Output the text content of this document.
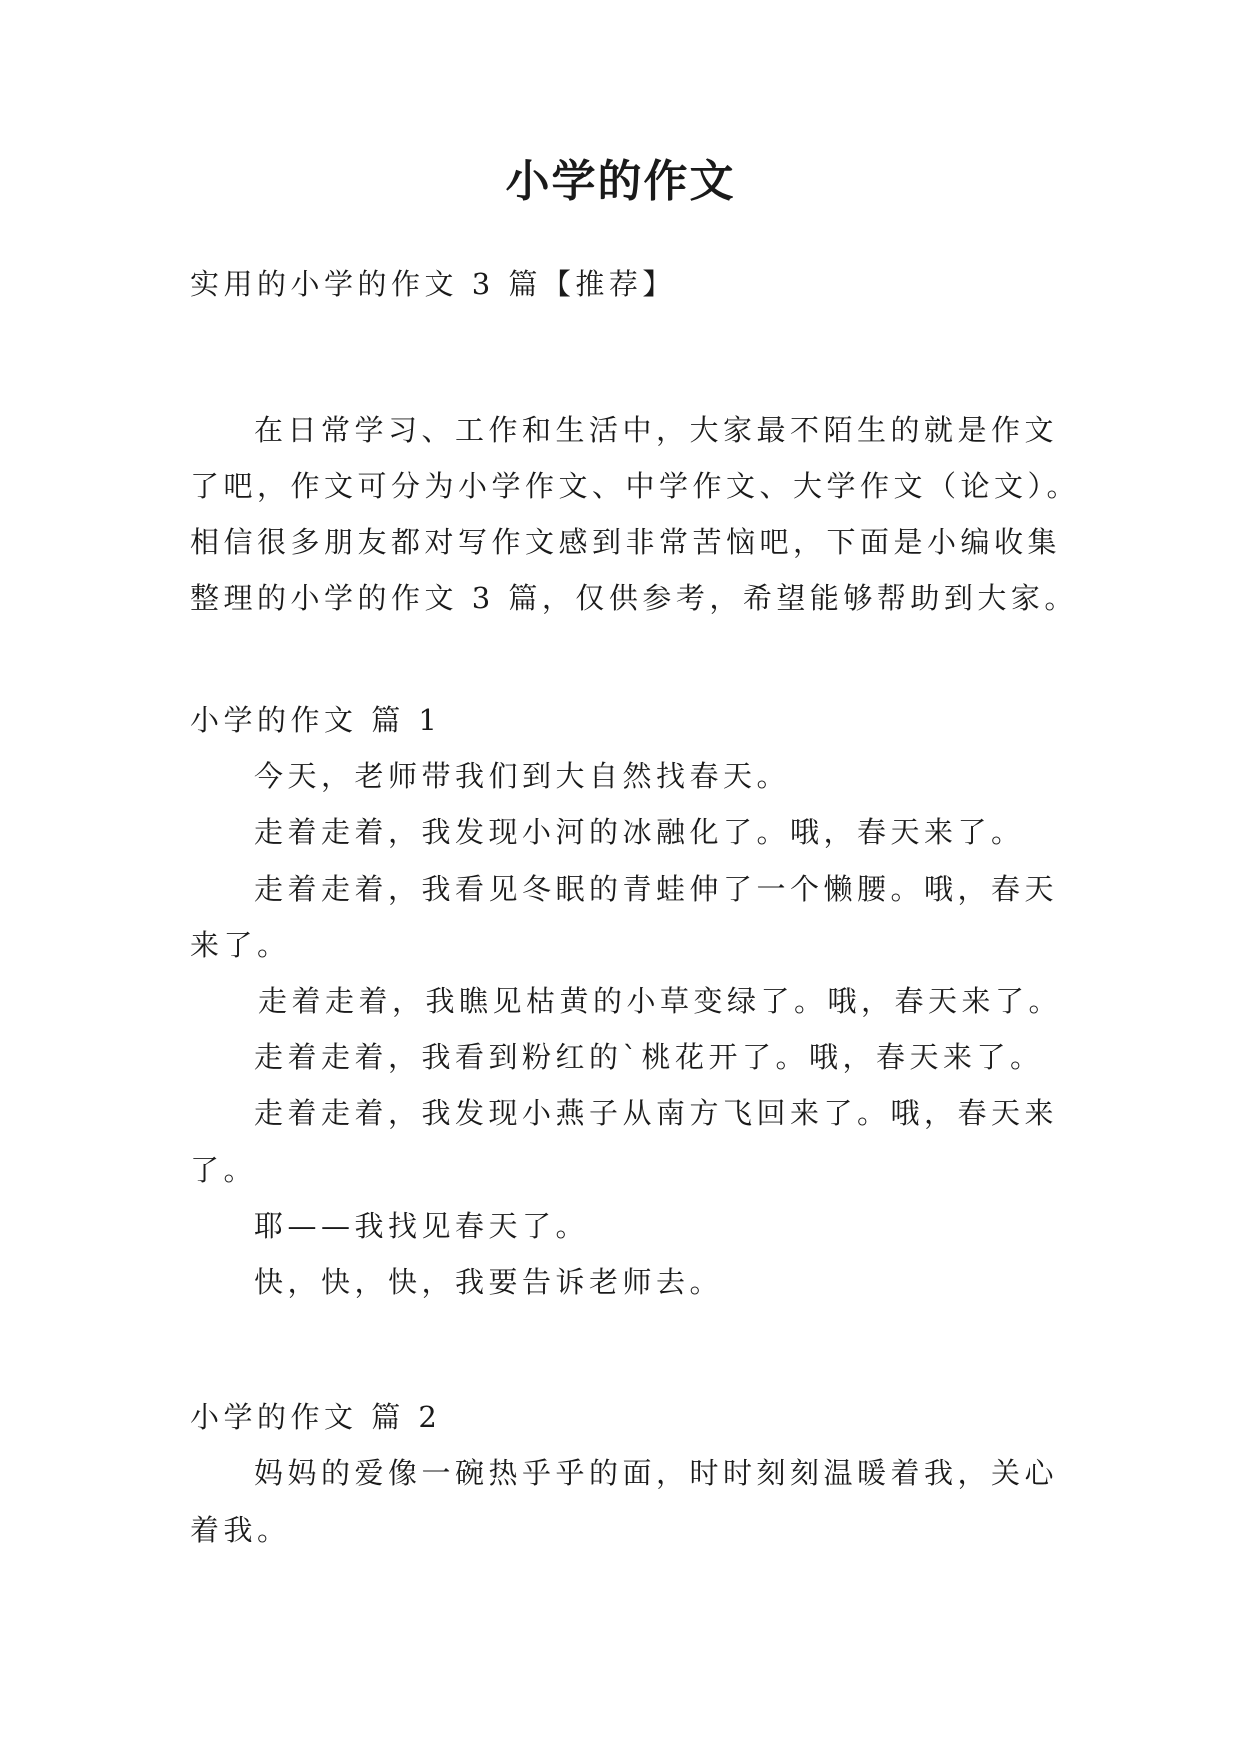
小学的作文
实用的小学的作文 3 篇【推荐】
在日常学习、工作和生活中，大家最不陌生的就是作文
了吧，作文可分为小学作文、中学作文、大学作文（论文）。
相信很多朋友都对写作文感到非常苦恼吧，下面是小编收集
整理的小学的作文 3 篇，仅供参考，希望能够帮助到大家。
小学的作文 篇 1
今天，老师带我们到大自然找春天。
走着走着，我发现小河的冰融化了。哦，春天来了。
走着走着，我看见冬眠的青蛙伸了一个懒腰。哦，春天
来了。
走着走着，我瞧见枯黄的小草变绿了。哦，春天来了。
走着走着，我看到粉红的`桃花开了。哦，春天来了。
走着走着，我发现小燕子从南方飞回来了。哦，春天来
了。
耶——我找见春天了。
快，快，快，我要告诉老师去。
小学的作文 篇 2
妈妈的爱像一碗热乎乎的面，时时刻刻温暖着我，关心
着我。
